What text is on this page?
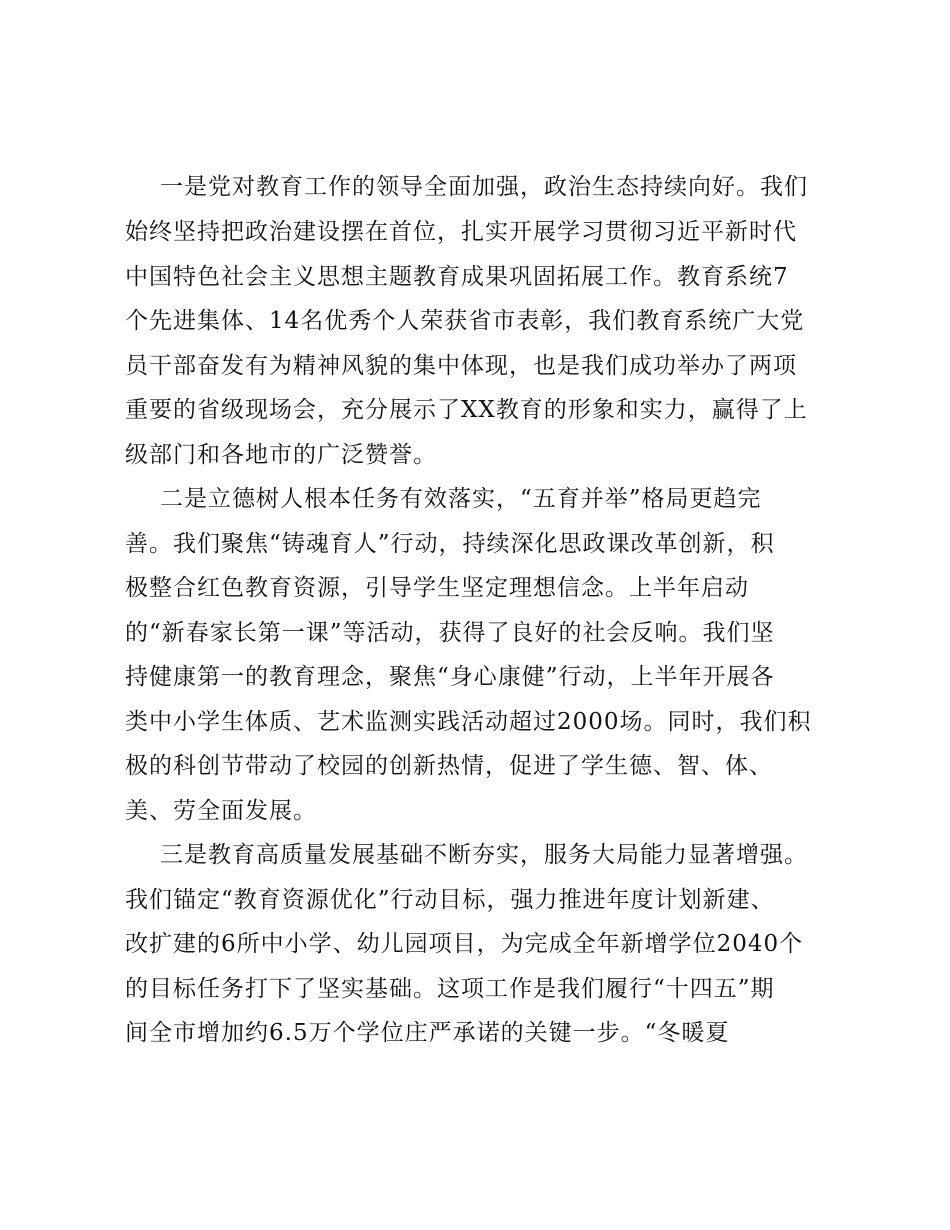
一是党对教育工作的领导全面加强，政治生态持续向好。我们
始终坚持把政治建设摆在首位，扎实开展学习贯彻习近平新时代
中国特色社会主义思想主题教育成果巩固拓展工作。教育系统7
个先进集体、14名优秀个人荣获省市表彰，我们教育系统广大党
员干部奋发有为精神风貌的集中体现，也是我们成功举办了两项
重要的省级现场会，充分展示了XX教育的形象和实力，赢得了上
级部门和各地市的广泛赞誉。
二是立德树人根本任务有效落实，“五育并举”格局更趋完
善。我们聚焦“铸魂育人”行动，持续深化思政课改革创新，积
极整合红色教育资源，引导学生坚定理想信念。上半年启动
的“新春家长第一课”等活动，获得了良好的社会反响。我们坚
持健康第一的教育理念，聚焦“身心康健”行动，上半年开展各
类中小学生体质、艺术监测实践活动超过2000场。同时，我们积
极的科创节带动了校园的创新热情，促进了学生德、智、体、
美、劳全面发展。
三是教育高质量发展基础不断夯实，服务大局能力显著增强。
我们锚定“教育资源优化”行动目标，强力推进年度计划新建、
改扩建的6所中小学、幼儿园项目，为完成全年新增学位2040个
的目标任务打下了坚实基础。这项工作是我们履行“十四五”期
间全市增加约6.5万个学位庄严承诺的关键一步。“冬暖夏
